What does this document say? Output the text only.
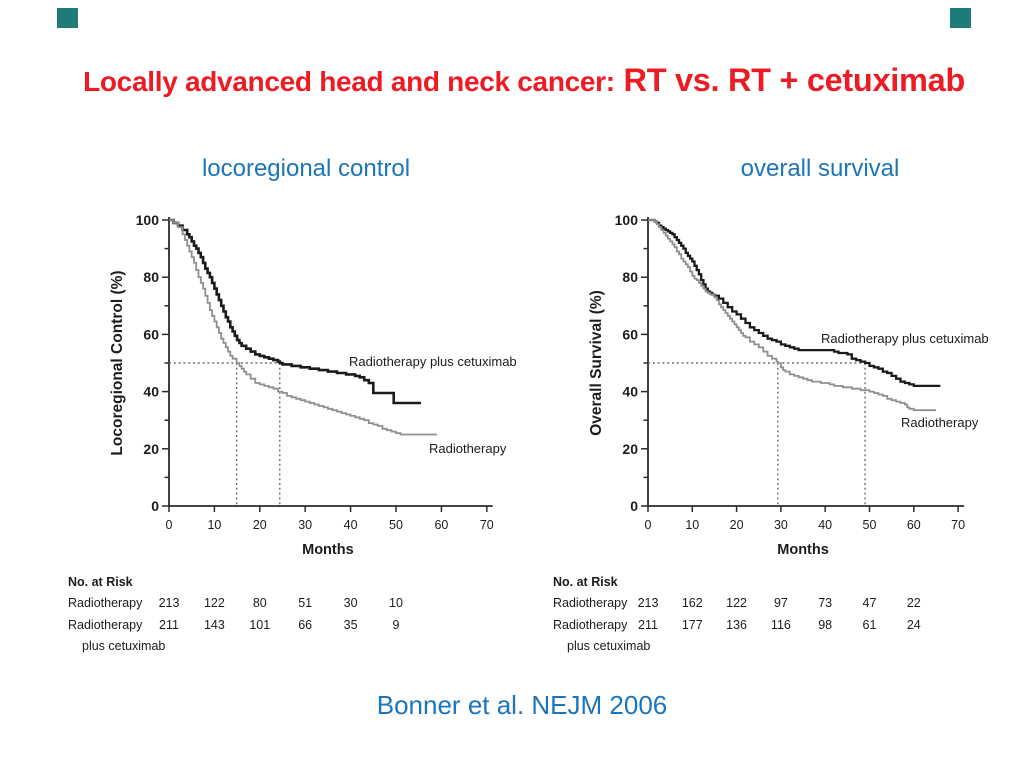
Locally advanced head and neck cancer: RT vs. RT + cetuximab
locoregional control	overall survival
0
20
40
60
80
100
0	10	20	30	40	50	60	70
Months
Locoregional Control (%)	Radiotherapy plus cetuximab
Radiotherapy
No. at Risk
Radiotherapy 213 122 80	51	30	10
Radiotherapy
plus cetuximab
211 143 101 66	35	9
0
20
40
60
80
100
0	10 20 30 40 50 60 70
Months
Overall Survival (%)	Radiotherapy plus cetuximab
Radiotherapy
No. at Risk
Radiotherapy 213 162 122 97 73 47 22
Radiotherapy
plus cetuximab
211 177 136 116 98 61 24
Bonner et al. NEJM 2006
